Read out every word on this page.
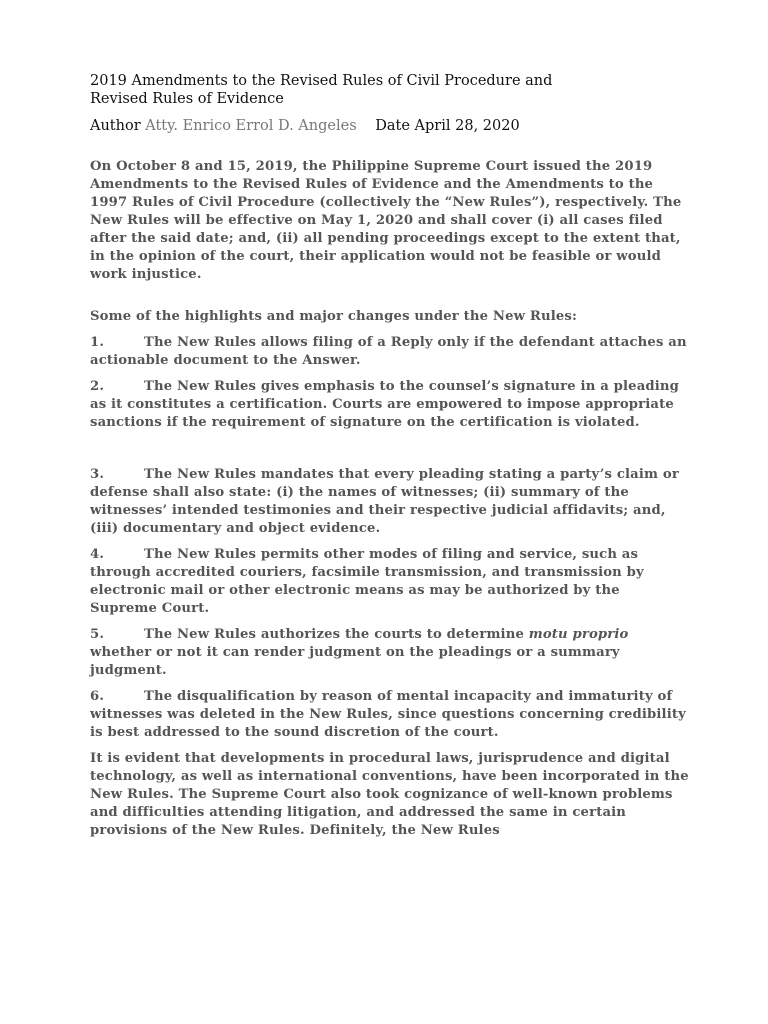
2019 Amendments to the Revised Rules of Civil Procedure and
Revised Rules of Evidence
Author Atty. Enrico Errol D. Angeles Date April 28, 2020

On October 8 and 15, 2019, the Philippine Supreme Court issued the 2019 Amendments to the Revised Rules of Evidence and the Amendments to the 1997 Rules of Civil Procedure (collectively the “New Rules”), respectively. The New Rules will be effective on May 1, 2020 and shall cover (i) all cases filed after the said date; and, (ii) all pending proceedings except to the extent that, in the opinion of the court, their application would not be feasible or would work injustice.

Some of the highlights and major changes under the New Rules:

1.	The New Rules allows filing of a Reply only if the defendant attaches an actionable document to the Answer.
2.	The New Rules gives emphasis to the counsel’s signature in a pleading as it constitutes a certification. Courts are empowered to impose appropriate sanctions if the requirement of signature on the certification is violated.
3.	The New Rules mandates that every pleading stating a party’s claim or defense shall also state: (i) the names of witnesses; (ii) summary of the witnesses’ intended testimonies and their respective judicial affidavits; and, (iii) documentary and object evidence.
4.	The New Rules permits other modes of filing and service, such as through accredited couriers, facsimile transmission, and transmission by electronic mail or other electronic means as may be authorized by the Supreme Court.
5.	The New Rules authorizes the courts to determine motu proprio whether or not it can render judgment on the pleadings or a summary judgment.
6.	The disqualification by reason of mental incapacity and immaturity of witnesses was deleted in the New Rules, since questions concerning credibility is best addressed to the sound discretion of the court.

It is evident that developments in procedural laws, jurisprudence and digital technology, as well as international conventions, have been incorporated in the New Rules. The Supreme Court also took cognizance of well-known problems and difficulties attending litigation, and addressed the same in certain provisions of the New Rules. Definitely, the New Rules
